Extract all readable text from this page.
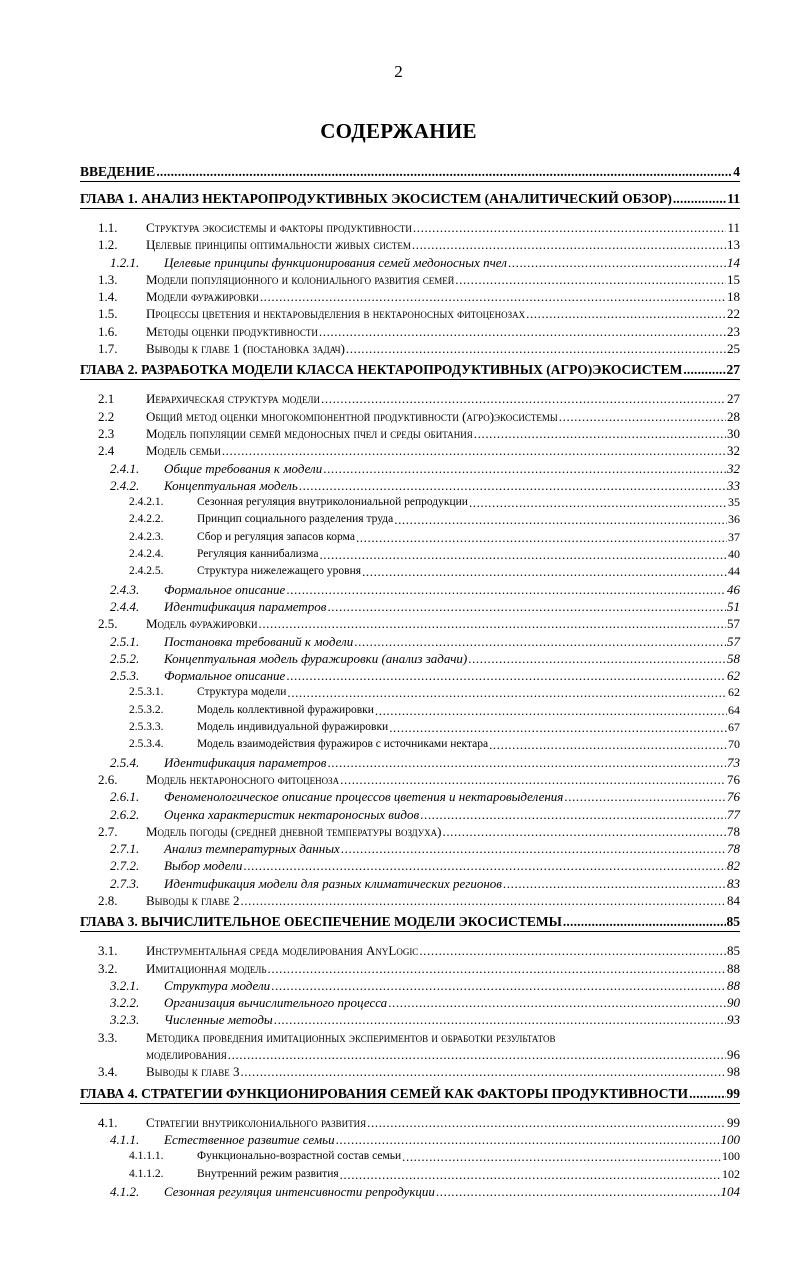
2
СОДЕРЖАНИЕ
ВВЕДЕНИЕ .....	4
ГЛАВА 1. АНАЛИЗ НЕКТАРОПРОДУКТИВНЫХ ЭКОСИСТЕМ (АНАЛИТИЧЕСКИЙ ОБЗОР) .....	11
1.1.	Структура экосистемы и факторы продуктивности .....	11
1.2.	Целевые принципы оптимальности живых систем .....	13
1.2.1.	Целевые принципы функционирования семей медоносных пчел .....	14
1.3.	Модели популяционного и колониального развития семей .....	15
1.4.	Модели фуражировки .....	18
1.5.	Процессы цветения и нектаровыделения в нектароносных фитоценозах .....	22
1.6.	Методы оценки продуктивности .....	23
1.7.	Выводы к главе 1 (постановка задач) .....	25
ГЛАВА 2. РАЗРАБОТКА МОДЕЛИ КЛАССА НЕКТАРОПРОДУКТИВНЫХ (АГРО)ЭКОСИСТЕМ .....	27
2.1	Иерархическая структура модели .....	27
2.2	Общий метод оценки многокомпонентной продуктивности (агро)экосистемы .....	28
2.3	Модель популяции семей медоносных пчел и среды обитания .....	30
2.4	Модель семьи .....	32
2.4.1.	Общие требования к модели .....	32
2.4.2.	Концептуальная модель .....	33
2.4.2.1.	Сезонная регуляция внутриколониальной репродукции .....	35
2.4.2.2.	Принцип социального разделения труда .....	36
2.4.2.3.	Сбор и регуляция запасов корма .....	37
2.4.2.4.	Регуляция каннибализма .....	40
2.4.2.5.	Структура нижележащего уровня .....	44
2.4.3.	Формальное описание .....	46
2.4.4.	Идентификация параметров .....	51
2.5.	Модель фуражировки .....	57
2.5.1.	Постановка требований к модели .....	57
2.5.2.	Концептуальная модель фуражировки (анализ задачи) .....	58
2.5.3.	Формальное описание .....	62
2.5.3.1.	Структура модели .....	62
2.5.3.2.	Модель коллективной фуражировки .....	64
2.5.3.3.	Модель индивидуальной фуражировки .....	67
2.5.3.4.	Модель взаимодействия фуражиров с источниками нектара .....	70
2.5.4.	Идентификация параметров .....	73
2.6.	Модель нектароносного фитоценоза .....	76
2.6.1.	Феноменологическое описание процессов цветения и нектаровыделения .....	76
2.6.2.	Оценка характеристик нектароносных видов .....	77
2.7.	Модель погоды (средней дневной температуры воздуха) .....	78
2.7.1.	Анализ температурных данных .....	78
2.7.2.	Выбор модели .....	82
2.7.3.	Идентификация модели для разных климатических регионов .....	83
2.8.	Выводы к главе 2 .....	84
ГЛАВА 3. ВЫЧИСЛИТЕЛЬНОЕ ОБЕСПЕЧЕНИЕ МОДЕЛИ ЭКОСИСТЕМЫ .....	85
3.1.	Инструментальная среда моделирования AnyLogic .....	85
3.2.	Имитационная модель .....	88
3.2.1.	Структура модели .....	88
3.2.2.	Организация вычислительного процесса .....	90
3.2.3.	Численные методы .....	93
3.3.	Методика проведения имитационных экспериментов и обработки результатов
моделирования .....	96
3.4.	Выводы к главе 3 .....	98
ГЛАВА 4. СТРАТЕГИИ ФУНКЦИОНИРОВАНИЯ СЕМЕЙ КАК ФАКТОРЫ ПРОДУКТИВНОСТИ .....	99
4.1.	Стратегии внутриколониального развития .....	99
4.1.1.	Естественное развитие семьи .....	100
4.1.1.1.	Функционально-возрастной состав семьи .....	100
4.1.1.2.	Внутренний режим развития .....	102
4.1.2.	Сезонная регуляция интенсивности репродукции .....	104
